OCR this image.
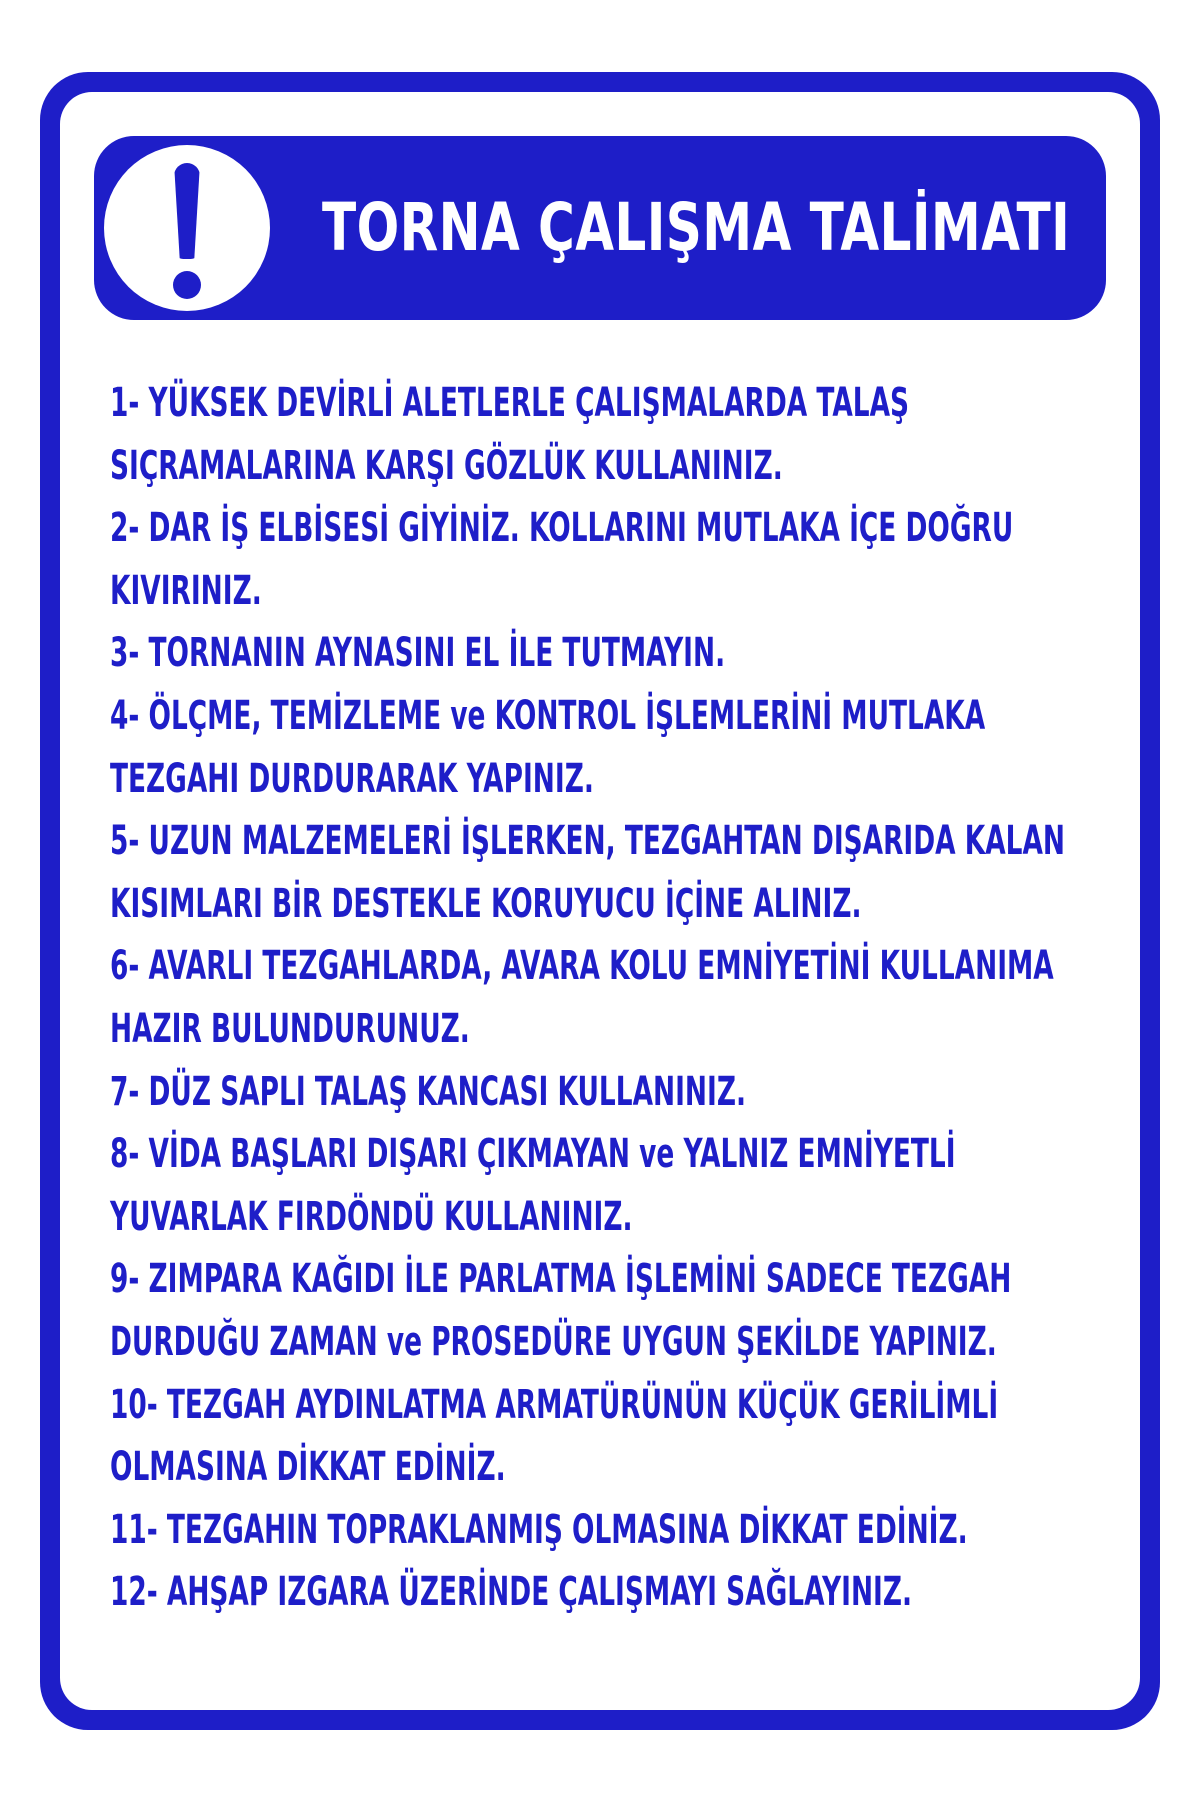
TORNA ÇALIŞMA TALİMATI
1- YÜKSEK DEVİRLİ ALETLERLE ÇALIŞMALARDA TALAŞ
SIÇRAMALARINA KARŞI GÖZLÜK KULLANINIZ.
2- DAR İŞ ELBİSESİ GİYİNİZ. KOLLARINI MUTLAKA İÇE DOĞRU
KIVIRINIZ.
3- TORNANIN AYNASINI EL İLE TUTMAYIN.
4- ÖLÇME, TEMİZLEME ve KONTROL İŞLEMLERİNİ MUTLAKA
TEZGAHI DURDURARAK YAPINIZ.
5- UZUN MALZEMELERİ İŞLERKEN, TEZGAHTAN DIŞARIDA KALAN
KISIMLARI BİR DESTEKLE KORUYUCU İÇİNE ALINIZ.
6- AVARLI TEZGAHLARDA, AVARA KOLU EMNİYETİNİ KULLANIMA
HAZIR BULUNDURUNUZ.
7- DÜZ SAPLI TALAŞ KANCASI KULLANINIZ.
8- VİDA BAŞLARI DIŞARI ÇIKMAYAN ve YALNIZ EMNİYETLİ
YUVARLAK FIRDÖNDÜ KULLANINIZ.
9- ZIMPARA KAĞIDI İLE PARLATMA İŞLEMİNİ SADECE TEZGAH
DURDUĞU ZAMAN ve PROSEDÜRE UYGUN ŞEKİLDE YAPINIZ.
10- TEZGAH AYDINLATMA ARMATÜRÜNÜN KÜÇÜK GERİLİMLİ
OLMASINA DİKKAT EDİNİZ.
11- TEZGAHIN TOPRAKLANMIŞ OLMASINA DİKKAT EDİNİZ.
12- AHŞAP IZGARA ÜZERİNDE ÇALIŞMAYI SAĞLAYINIZ.
